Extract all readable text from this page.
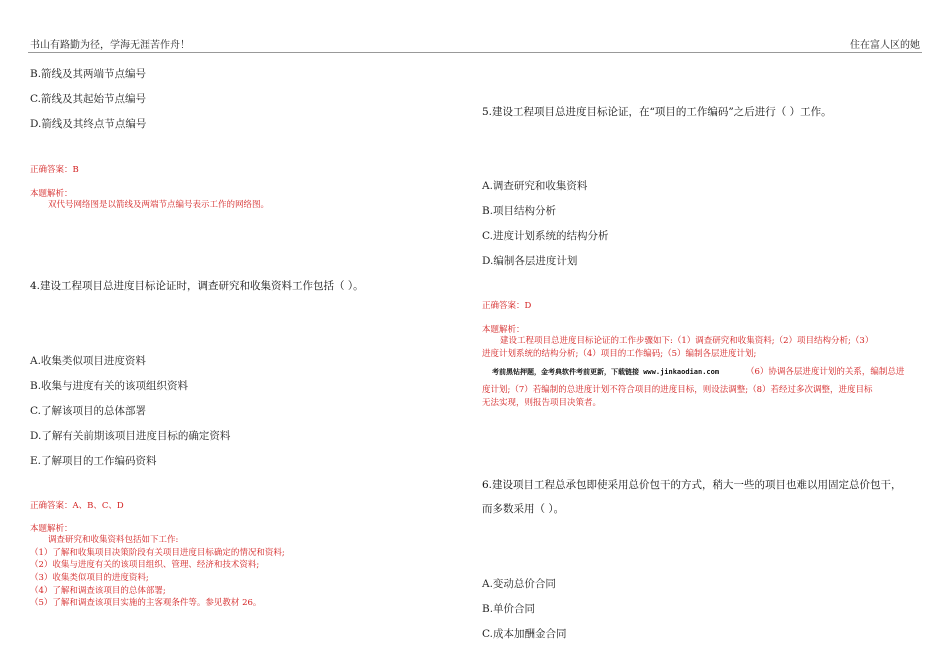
书山有路勤为径，学海无涯苦作舟！	住在富人区的她
B.箭线及其两端节点编号
C.箭线及其起始节点编号
D.箭线及其终点节点编号
正确答案：B
本题解析：
双代号网络图是以箭线及两端节点编号表示工作的网络图。
4.建设工程项目总进度目标论证时，调查研究和收集资料工作包括（ ）。
A.收集类似项目进度资料
B.收集与进度有关的该项组织资料
C.了解该项目的总体部署
D.了解有关前期该项目进度目标的确定资料
E.了解项目的工作编码资料
正确答案：A、B、C、D
本题解析：
调查研究和收集资料包括如下工作:
（1）了解和收集项目决策阶段有关项目进度目标确定的情况和资料;
（2）收集与进度有关的该项目组织、管理、经济和技术资料;
（3）收集类似项目的进度资料;
（4）了解和调查该项目的总体部署;
（5）了解和调查该项目实施的主客观条件等。参见教材 26。
5.建设工程项目总进度目标论证，在“项目的工作编码”之后进行（ ）工作。
A.调查研究和收集资料
B.项目结构分析
C.进度计划系统的结构分析
D.编制各层进度计划
正确答案：D
本题解析：
建设工程项目总进度目标论证的工作步骤如下:（1）调查研究和收集资料;（2）项目结构分析;（3）
进度计划系统的结构分析;（4）项目的工作编码;（5）编制各层进度计划;
考前黑钻押题，金考典软件考前更新，下载链接 www.jinkaodian.com	（6）协调各层进度计划的关系，编制总进
度计划;（7）若编制的总进度计划不符合项目的进度目标，则设法调整;（8）若经过多次调整，进度目标
无法实现，则报告项目决策者。
6.建设项目工程总承包即使采用总价包干的方式，稍大一些的项目也难以用固定总价包干，
而多数采用（ ）。
A.变动总价合同
B.单价合同
C.成本加酬金合同
